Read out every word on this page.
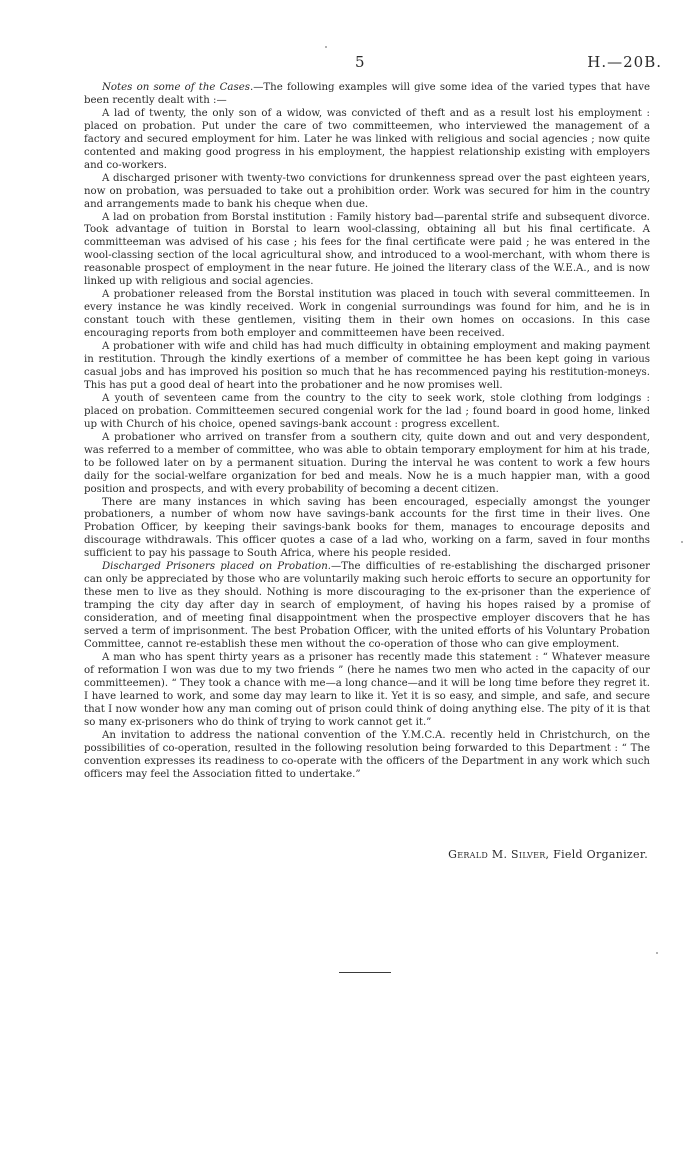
5	H.—20B.

Notes on some of the Cases.—The following examples will give some idea of the varied types that have been recently dealt with :—

A lad of twenty, the only son of a widow, was convicted of theft and as a result lost his employment : placed on probation. Put under the care of two committeemen, who interviewed the management of a factory and secured employment for him. Later he was linked with religious and social agencies ; now quite contented and making good progress in his employment, the happiest relationship existing with employers and co-workers.

A discharged prisoner with twenty-two convictions for drunkenness spread over the past eighteen years, now on probation, was persuaded to take out a prohibition order. Work was secured for him in the country and arrangements made to bank his cheque when due.

A lad on probation from Borstal institution : Family history bad—parental strife and subsequent divorce. Took advantage of tuition in Borstal to learn wool-classing, obtaining all but his final certificate. A committeeman was advised of his case ; his fees for the final certificate were paid ; he was entered in the wool-classing section of the local agricultural show, and introduced to a wool-merchant, with whom there is reasonable prospect of employment in the near future. He joined the literary class of the W.E.A., and is now linked up with religious and social agencies.

A probationer released from the Borstal institution was placed in touch with several committeemen. In every instance he was kindly received. Work in congenial surroundings was found for him, and he is in constant touch with these gentlemen, visiting them in their own homes on occasions. In this case encouraging reports from both employer and committeemen have been received.

A probationer with wife and child has had much difficulty in obtaining employment and making payment in restitution. Through the kindly exertions of a member of committee he has been kept going in various casual jobs and has improved his position so much that he has recommenced paying his restitution-moneys. This has put a good deal of heart into the probationer and he now promises well.

A youth of seventeen came from the country to the city to seek work, stole clothing from lodgings : placed on probation. Committeemen secured congenial work for the lad ; found board in good home, linked up with Church of his choice, opened savings-bank account : progress excellent.

A probationer who arrived on transfer from a southern city, quite down and out and very despondent, was referred to a member of committee, who was able to obtain temporary employment for him at his trade, to be followed later on by a permanent situation. During the interval he was content to work a few hours daily for the social-welfare organization for bed and meals. Now he is a much happier man, with a good position and prospects, and with every probability of becoming a decent citizen.

There are many instances in which saving has been encouraged, especially amongst the younger probationers, a number of whom now have savings-bank accounts for the first time in their lives. One Probation Officer, by keeping their savings-bank books for them, manages to encourage deposits and discourage withdrawals. This officer quotes a case of a lad who, working on a farm, saved in four months sufficient to pay his passage to South Africa, where his people resided.

Discharged Prisoners placed on Probation.—The difficulties of re-establishing the discharged prisoner can only be appreciated by those who are voluntarily making such heroic efforts to secure an opportunity for these men to live as they should. Nothing is more discouraging to the ex-prisoner than the experience of tramping the city day after day in search of employment, of having his hopes raised by a promise of consideration, and of meeting final disappointment when the prospective employer discovers that he has served a term of imprisonment. The best Probation Officer, with the united efforts of his Voluntary Probation Committee, cannot re-establish these men without the co-operation of those who can give employment.

A man who has spent thirty years as a prisoner has recently made this statement : “ Whatever measure of reformation I won was due to my two friends ” (here he names two men who acted in the capacity of our committeemen). “ They took a chance with me—a long chance—and it will be long time before they regret it. I have learned to work, and some day may learn to like it. Yet it is so easy, and simple, and safe, and secure that I now wonder how any man coming out of prison could think of doing anything else. The pity of it is that so many ex-prisoners who do think of trying to work cannot get it.”

An invitation to address the national convention of the Y.M.C.A. recently held in Christchurch, on the possibilities of co-operation, resulted in the following resolution being forwarded to this Department : “ The convention expresses its readiness to co-operate with the officers of the Department in any work which such officers may feel the Association fitted to undertake.”

Gerald M. Silver, Field Organizer.
